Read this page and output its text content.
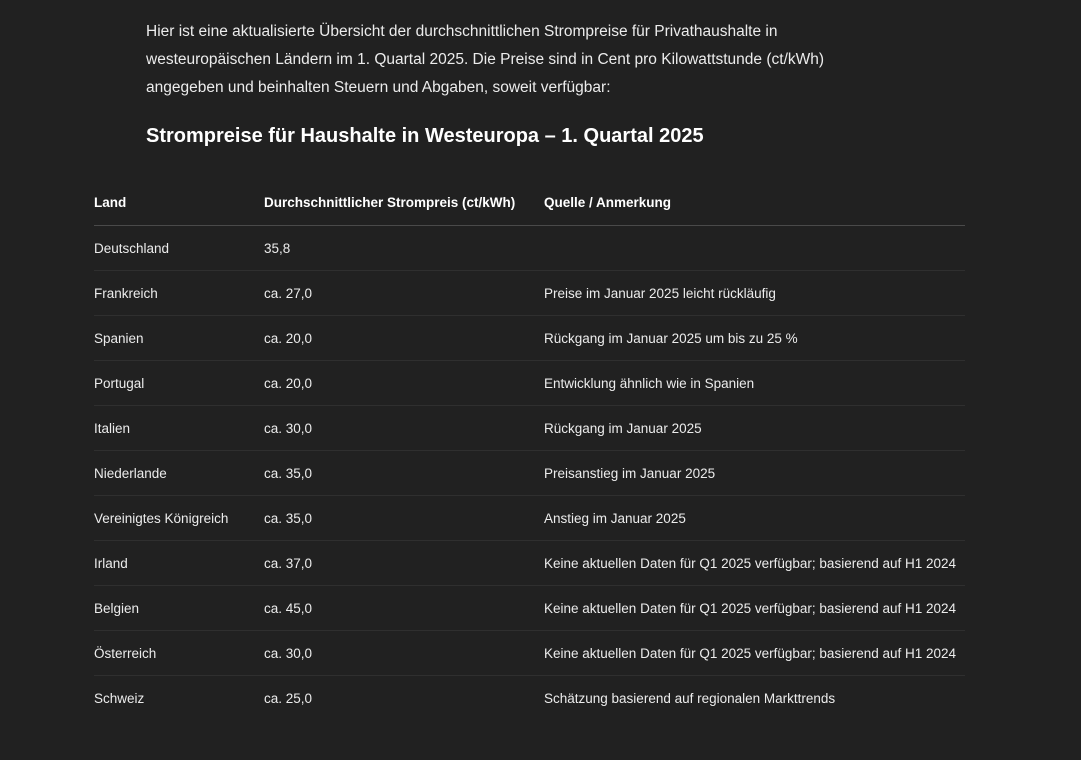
Hier ist eine aktualisierte Übersicht der durchschnittlichen Strompreise für Privathaushalte in
westeuropäischen Ländern im 1. Quartal 2025. Die Preise sind in Cent pro Kilowattstunde (ct/kWh)
angegeben und beinhalten Steuern und Abgaben, soweit verfügbar:

Strompreise für Haushalte in Westeuropa – 1. Quartal 2025
Land	Durchschnittlicher Strompreis (ct/kWh)	Quelle / Anmerkung
Deutschland	35,8	
Frankreich	ca. 27,0	Preise im Januar 2025 leicht rückläufig
Spanien	ca. 20,0	Rückgang im Januar 2025 um bis zu 25 %
Portugal	ca. 20,0	Entwicklung ähnlich wie in Spanien
Italien	ca. 30,0	Rückgang im Januar 2025
Niederlande	ca. 35,0	Preisanstieg im Januar 2025
Vereinigtes Königreich	ca. 35,0	Anstieg im Januar 2025
Irland	ca. 37,0	Keine aktuellen Daten für Q1 2025 verfügbar; basierend auf H1 2024
Belgien	ca. 45,0	Keine aktuellen Daten für Q1 2025 verfügbar; basierend auf H1 2024
Österreich	ca. 30,0	Keine aktuellen Daten für Q1 2025 verfügbar; basierend auf H1 2024
Schweiz	ca. 25,0	Schätzung basierend auf regionalen Markttrends
